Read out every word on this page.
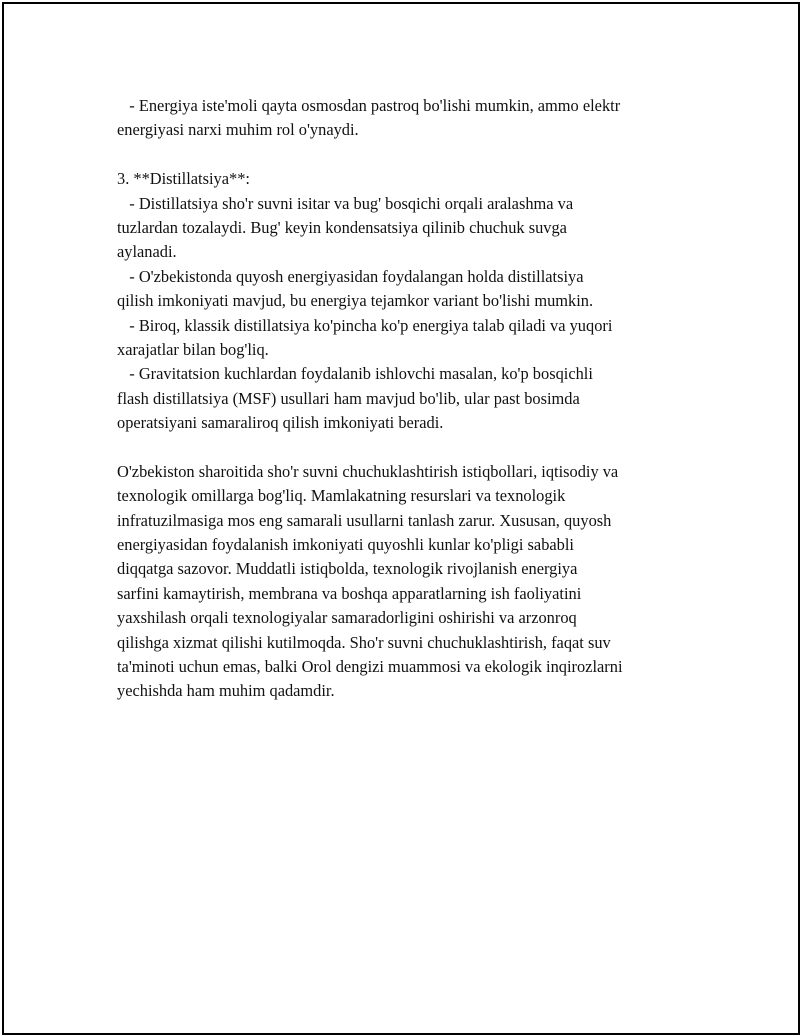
- Energiya iste'moli qayta osmosdan pastroq bo'lishi mumkin, ammo elektr

energiyasi narxi muhim rol o'ynaydi.

3. **Distillatsiya**:

- Distillatsiya sho'r suvni isitar va bug' bosqichi orqali aralashma va

tuzlardan tozalaydi. Bug' keyin kondensatsiya qilinib chuchuk suvga

aylanadi.

- O'zbekistonda quyosh energiyasidan foydalangan holda distillatsiya

qilish imkoniyati mavjud, bu energiya tejamkor variant bo'lishi mumkin.

- Biroq, klassik distillatsiya ko'pincha ko'p energiya talab qiladi va yuqori

xarajatlar bilan bog'liq.

- Gravitatsion kuchlardan foydalanib ishlovchi masalan, ko'p bosqichli

flash distillatsiya (MSF) usullari ham mavjud bo'lib, ular past bosimda

operatsiyani samaraliroq qilish imkoniyati beradi.

O'zbekiston sharoitida sho'r suvni chuchuklashtirish istiqbollari, iqtisodiy va

texnologik omillarga bog'liq. Mamlakatning resurslari va texnologik

infratuzilmasiga mos eng samarali usullarni tanlash zarur. Xususan, quyosh

energiyasidan foydalanish imkoniyati quyoshli kunlar ko'pligi sababli

diqqatga sazovor. Muddatli istiqbolda, texnologik rivojlanish energiya

sarfini kamaytirish, membrana va boshqa apparatlarning ish faoliyatini

yaxshilash orqali texnologiyalar samaradorligini oshirishi va arzonroq

qilishga xizmat qilishi kutilmoqda. Sho'r suvni chuchuklashtirish, faqat suv

ta'minoti uchun emas, balki Orol dengizi muammosi va ekologik inqirozlarni

yechishda ham muhim qadamdir.
